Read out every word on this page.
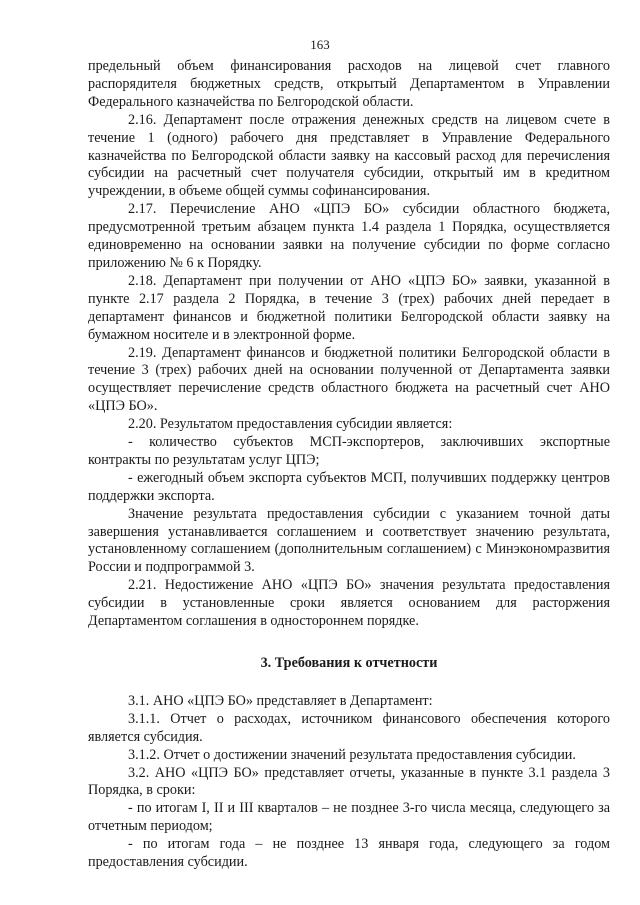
163

предельный объем финансирования расходов на лицевой счет главного распорядителя бюджетных средств, открытый Департаментом в Управлении Федерального казначейства по Белгородской области.

2.16. Департамент после отражения денежных средств на лицевом счете в течение 1 (одного) рабочего дня представляет в Управление Федерального казначейства по Белгородской области заявку на кассовый расход для перечисления субсидии на расчетный счет получателя субсидии, открытый им в кредитном учреждении, в объеме общей суммы софинансирования.

2.17. Перечисление АНО «ЦПЭ БО» субсидии областного бюджета, предусмотренной третьим абзацем пункта 1.4 раздела 1 Порядка, осуществляется единовременно на основании заявки на получение субсидии по форме согласно приложению № 6 к Порядку.

2.18. Департамент при получении от АНО «ЦПЭ БО» заявки, указанной в пункте 2.17 раздела 2 Порядка, в течение 3 (трех) рабочих дней передает в департамент финансов и бюджетной политики Белгородской области заявку на бумажном носителе и в электронной форме.

2.19. Департамент финансов и бюджетной политики Белгородской области в течение 3 (трех) рабочих дней на основании полученной от Департамента заявки осуществляет перечисление средств областного бюджета на расчетный счет АНО «ЦПЭ БО».

2.20. Результатом предоставления субсидии является:

- количество субъектов МСП-экспортеров, заключивших экспортные контракты по результатам услуг ЦПЭ;

- ежегодный объем экспорта субъектов МСП, получивших поддержку центров поддержки экспорта.

Значение результата предоставления субсидии с указанием точной даты завершения устанавливается соглашением и соответствует значению результата, установленному соглашением (дополнительным соглашением) с Минэкономразвития России и подпрограммой 3.

2.21. Недостижение АНО «ЦПЭ БО» значения результата предоставления субсидии в установленные сроки является основанием для расторжения Департаментом соглашения в одностороннем порядке.

3. Требования к отчетности

3.1. АНО «ЦПЭ БО» представляет в Департамент:

3.1.1. Отчет о расходах, источником финансового обеспечения которого является субсидия.

3.1.2. Отчет о достижении значений результата предоставления субсидии.

3.2. АНО «ЦПЭ БО» представляет отчеты, указанные в пункте 3.1 раздела 3 Порядка, в сроки:

- по итогам I, II и III кварталов – не позднее 3-го числа месяца, следующего за отчетным периодом;

- по итогам года – не позднее 13 января года, следующего за годом предоставления субсидии.
